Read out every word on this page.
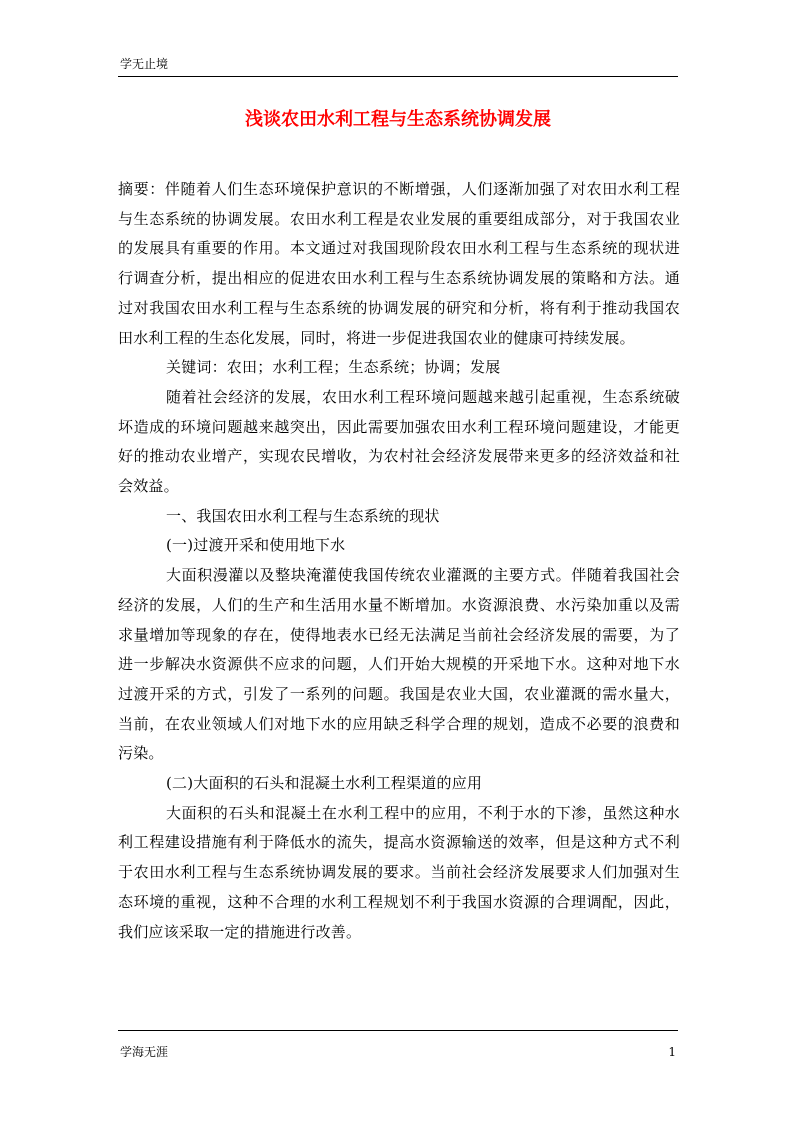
学无止境
浅谈农田水利工程与生态系统协调发展

摘要：伴随着人们生态环境保护意识的不断增强，人们逐渐加强了对农田水利工程与生态系统的协调发展。农田水利工程是农业发展的重要组成部分，对于我国农业的发展具有重要的作用。本文通过对我国现阶段农田水利工程与生态系统的现状进行调查分析，提出相应的促进农田水利工程与生态系统协调发展的策略和方法。通过对我国农田水利工程与生态系统的协调发展的研究和分析，将有利于推动我国农田水利工程的生态化发展，同时，将进一步促进我国农业的健康可持续发展。

关键词：农田；水利工程；生态系统；协调；发展

随着社会经济的发展，农田水利工程环境问题越来越引起重视，生态系统破坏造成的环境问题越来越突出，因此需要加强农田水利工程环境问题建设，才能更好的推动农业增产，实现农民增收，为农村社会经济发展带来更多的经济效益和社会效益。

一、我国农田水利工程与生态系统的现状

(一)过渡开采和使用地下水

大面积漫灌以及整块淹灌使我国传统农业灌溉的主要方式。伴随着我国社会经济的发展，人们的生产和生活用水量不断增加。水资源浪费、水污染加重以及需求量增加等现象的存在，使得地表水已经无法满足当前社会经济发展的需要，为了进一步解决水资源供不应求的问题，人们开始大规模的开采地下水。这种对地下水过渡开采的方式，引发了一系列的问题。我国是农业大国，农业灌溉的需水量大，当前，在农业领域人们对地下水的应用缺乏科学合理的规划，造成不必要的浪费和污染。

(二)大面积的石头和混凝土水利工程渠道的应用

大面积的石头和混凝土在水利工程中的应用，不利于水的下渗，虽然这种水利工程建设措施有利于降低水的流失，提高水资源输送的效率，但是这种方式不利于农田水利工程与生态系统协调发展的要求。当前社会经济发展要求人们加强对生态环境的重视，这种不合理的水利工程规划不利于我国水资源的合理调配，因此，我们应该采取一定的措施进行改善。

学海无涯	1
